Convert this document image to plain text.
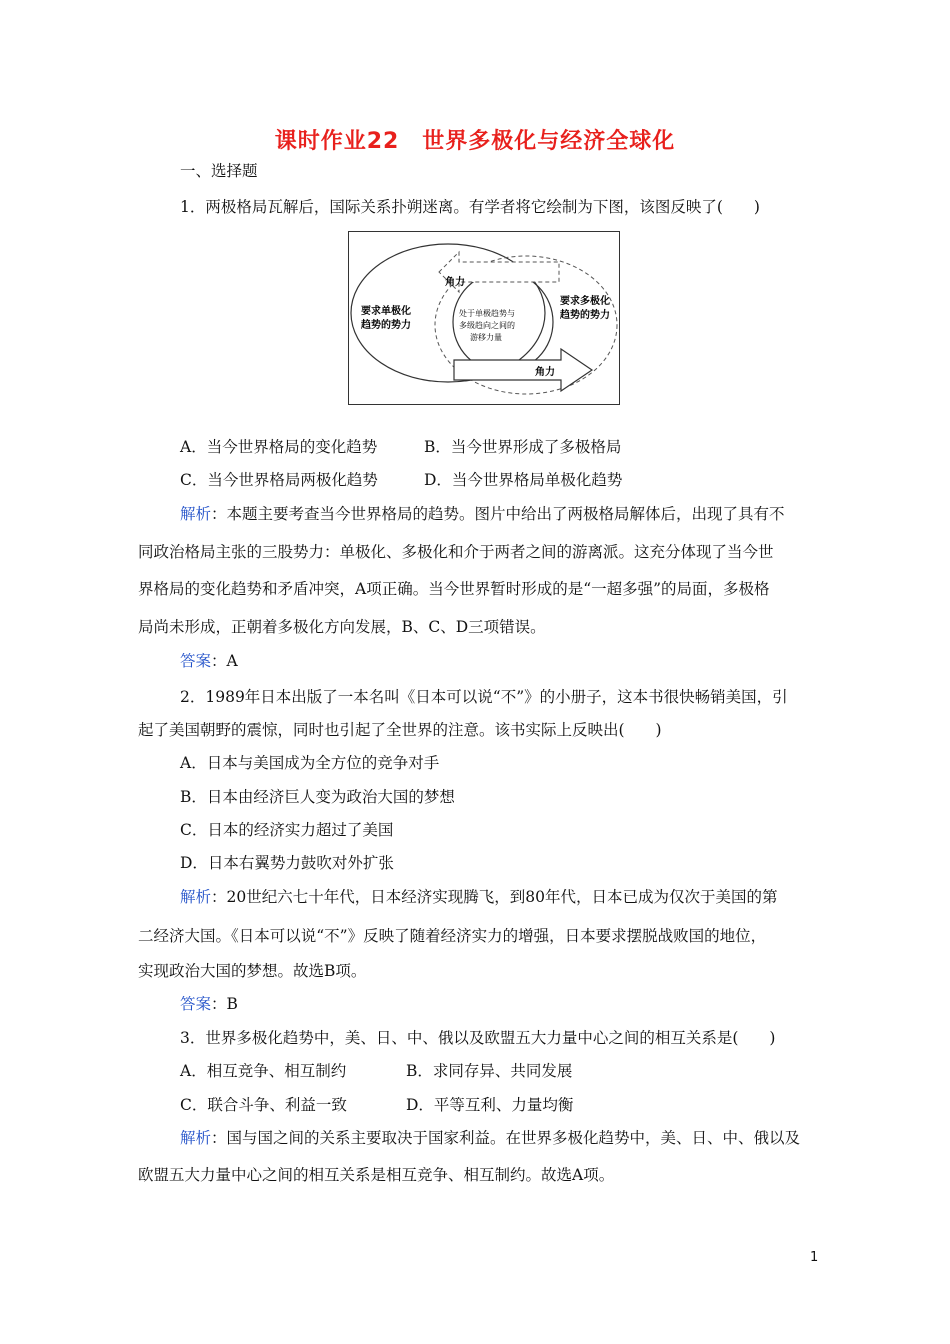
课时作业22　世界多极化与经济全球化
一、选择题
1．两极格局瓦解后，国际关系扑朔迷离。有学者将它绘制为下图，该图反映了(　　)
角力
角力
要求单极化
趋势的势力
要求多极化
趋势的势力
处于单极趋势与
多级趋向之间的
游移力量
A．当今世界格局的变化趋势	B．当今世界形成了多极格局
C．当今世界格局两极化趋势	D．当今世界格局单极化趋势
解析：本题主要考查当今世界格局的趋势。图片中给出了两极格局解体后，出现了具有不
同政治格局主张的三股势力：单极化、多极化和介于两者之间的游离派。这充分体现了当今世
界格局的变化趋势和矛盾冲突，A项正确。当今世界暂时形成的是“一超多强”的局面，多极格
局尚未形成，正朝着多极化方向发展，B、C、D三项错误。
答案：A
2．1989年日本出版了一本名叫《日本可以说“不”》的小册子，这本书很快畅销美国，引
起了美国朝野的震惊，同时也引起了全世界的注意。该书实际上反映出(　　)
A．日本与美国成为全方位的竞争对手
B．日本由经济巨人变为政治大国的梦想
C．日本的经济实力超过了美国
D．日本右翼势力鼓吹对外扩张
解析：20世纪六七十年代，日本经济实现腾飞，到80年代，日本已成为仅次于美国的第
二经济大国。《日本可以说“不”》反映了随着经济实力的增强，日本要求摆脱战败国的地位，
实现政治大国的梦想。故选B项。
答案：B
3．世界多极化趋势中，美、日、中、俄以及欧盟五大力量中心之间的相互关系是(　　)
A．相互竞争、相互制约	B．求同存异、共同发展
C．联合斗争、利益一致	D．平等互利、力量均衡
解析：国与国之间的关系主要取决于国家利益。在世界多极化趋势中，美、日、中、俄以及
欧盟五大力量中心之间的相互关系是相互竞争、相互制约。故选A项。
1
